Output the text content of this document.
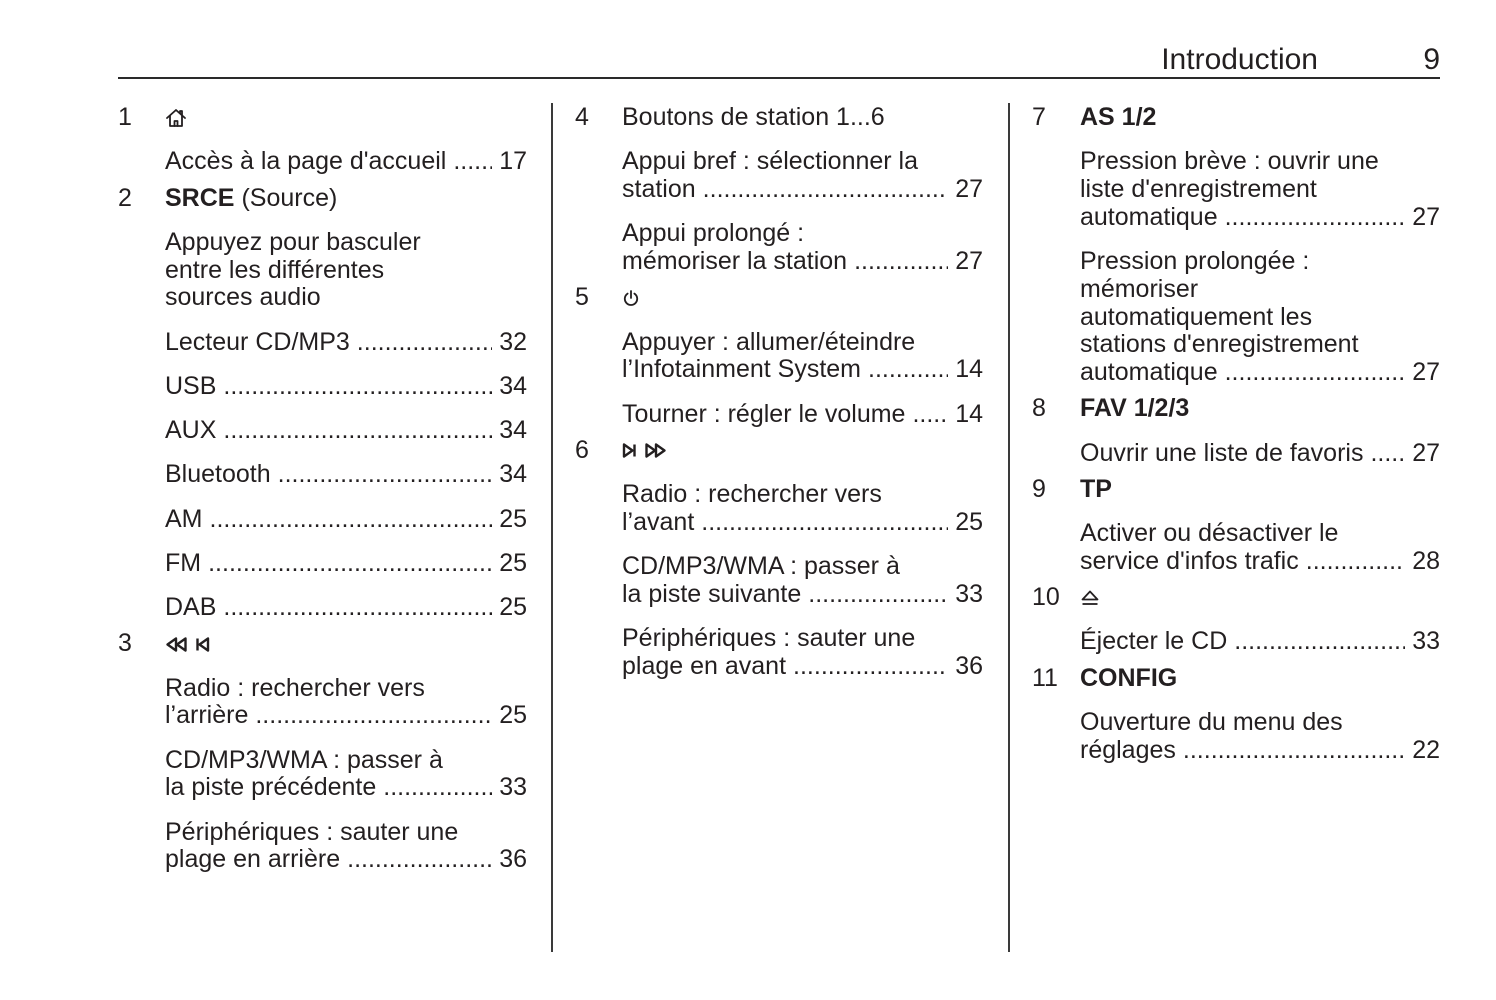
Introduction	9
1
Accès à la page d'accueil ..... 17
2	SRCE (Source)
Appuyez pour basculer
entre les différentes
sources audio
Lecteur CD/MP3 .....	32
USB .....	34
AUX .....	34
Bluetooth .....	34
AM .....	25
FM .....	25
DAB .....	25
3
Radio : rechercher vers
l’arrière .....	25
CD/MP3/WMA : passer à
la piste précédente .....	33
Périphériques : sauter une
plage en arrière .....	36
4	Boutons de station 1...6
Appui bref : sélectionner la
station .....	27
Appui prolongé :
mémoriser la station .....	27
5
Appuyer : allumer/éteindre
l’Infotainment System .....	14
Tourner : régler le volume ..... 14
6
Radio : rechercher vers
l’avant .....	25
CD/MP3/WMA : passer à
la piste suivante .....	33
Périphériques : sauter une
plage en avant .....	36
7	AS 1/2
Pression brève : ouvrir une
liste d'enregistrement
automatique .....	27
Pression prolongée :
mémoriser
automatiquement les
stations d'enregistrement
automatique .....	27
8	FAV 1/2/3
Ouvrir une liste de favoris ..... 27
9	TP
Activer ou désactiver le
service d'infos trafic .....	28
10
Éjecter le CD .....	33
11 CONFIG
Ouverture du menu des
réglages .....	22
